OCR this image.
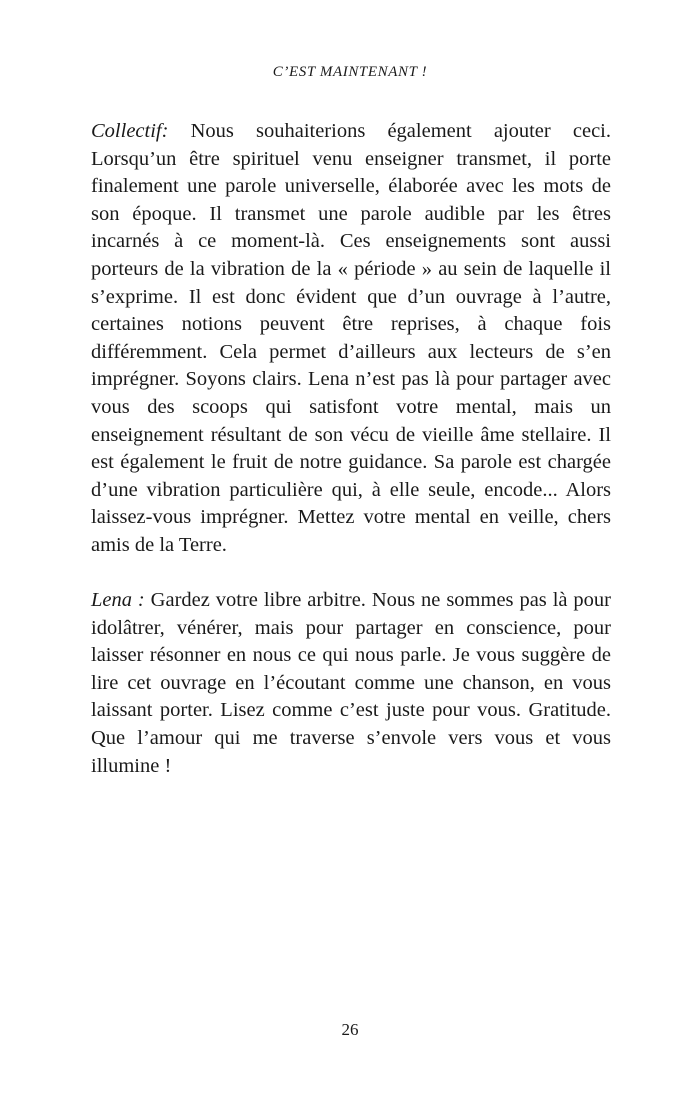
C’EST MAINTENANT !

Collectif: Nous souhaiterions également ajouter ceci. Lorsqu’un être spirituel venu enseigner transmet, il porte finalement une parole universelle, élaborée avec les mots de son époque. Il transmet une parole audible par les êtres incarnés à ce moment-là. Ces enseignements sont aussi porteurs de la vibration de la « période » au sein de laquelle il s’exprime. Il est donc évident que d’un ouvrage à l’autre, certaines notions peuvent être reprises, à chaque fois différemment. Cela permet d’ailleurs aux lecteurs de s’en imprégner. Soyons clairs. Lena n’est pas là pour partager avec vous des scoops qui satisfont votre mental, mais un enseignement résultant de son vécu de vieille âme stellaire. Il est également le fruit de notre guidance. Sa parole est chargée d’une vibration particulière qui, à elle seule, encode... Alors laissez-vous imprégner. Mettez votre mental en veille, chers amis de la Terre.

Lena : Gardez votre libre arbitre. Nous ne sommes pas là pour idolâtrer, vénérer, mais pour partager en conscience, pour laisser résonner en nous ce qui nous parle. Je vous suggère de lire cet ouvrage en l’écoutant comme une chanson, en vous laissant porter. Lisez comme c’est juste pour vous. Gratitude. Que l’amour qui me traverse s’envole vers vous et vous illumine !

26
